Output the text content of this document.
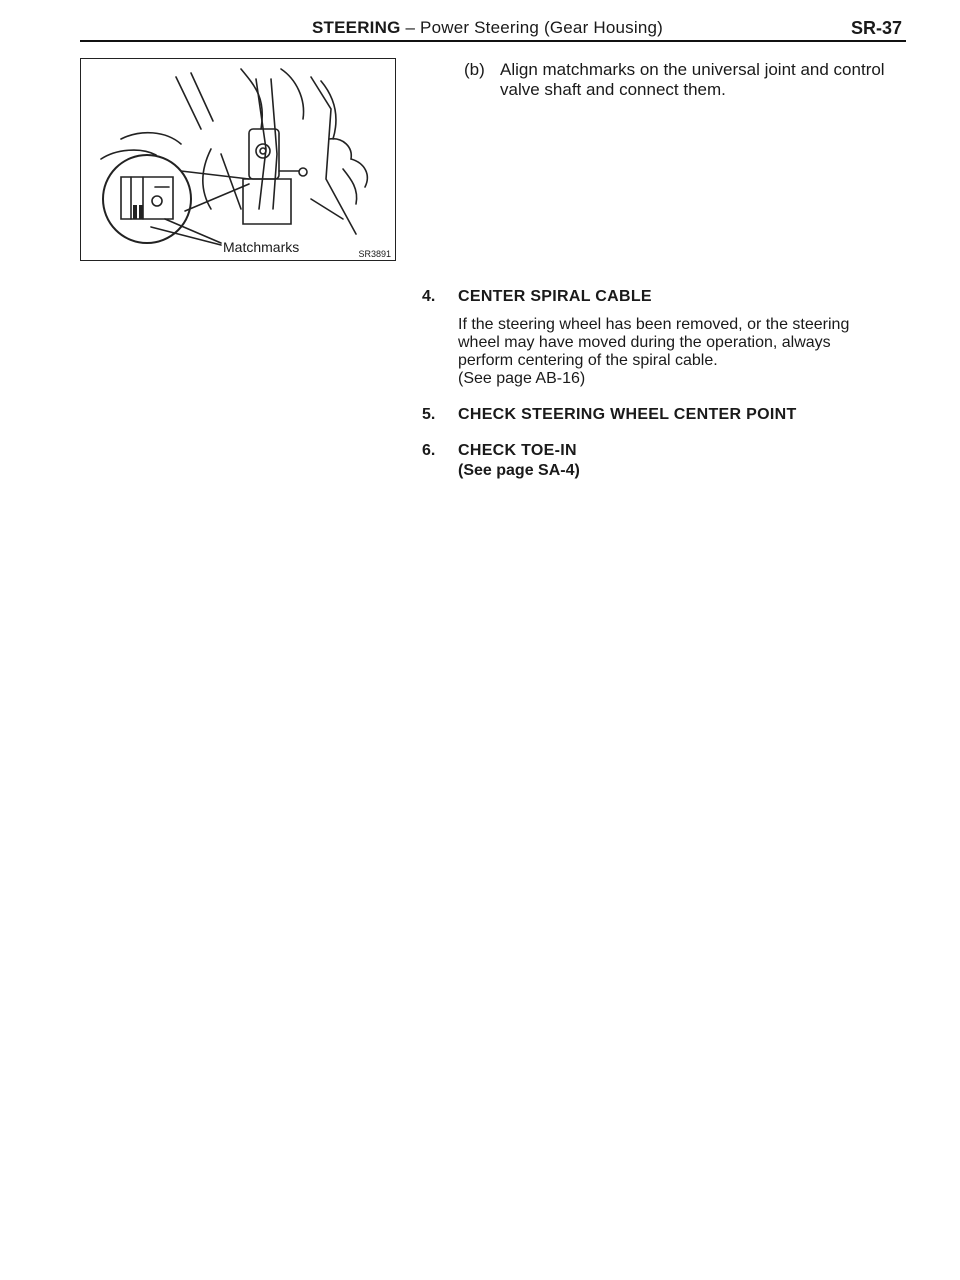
STEERING – Power Steering (Gear Housing)	SR-37
Matchmarks	SR3891
(b) Align matchmarks on the universal joint and control valve shaft and connect them.
4. CENTER SPIRAL CABLE
If the steering wheel has been removed, or the steering
wheel may have moved during the operation, always
perform centering of the spiral cable.
(See page AB-16)
5. CHECK STEERING WHEEL CENTER POINT
6. CHECK TOE-IN
(See page SA-4)
